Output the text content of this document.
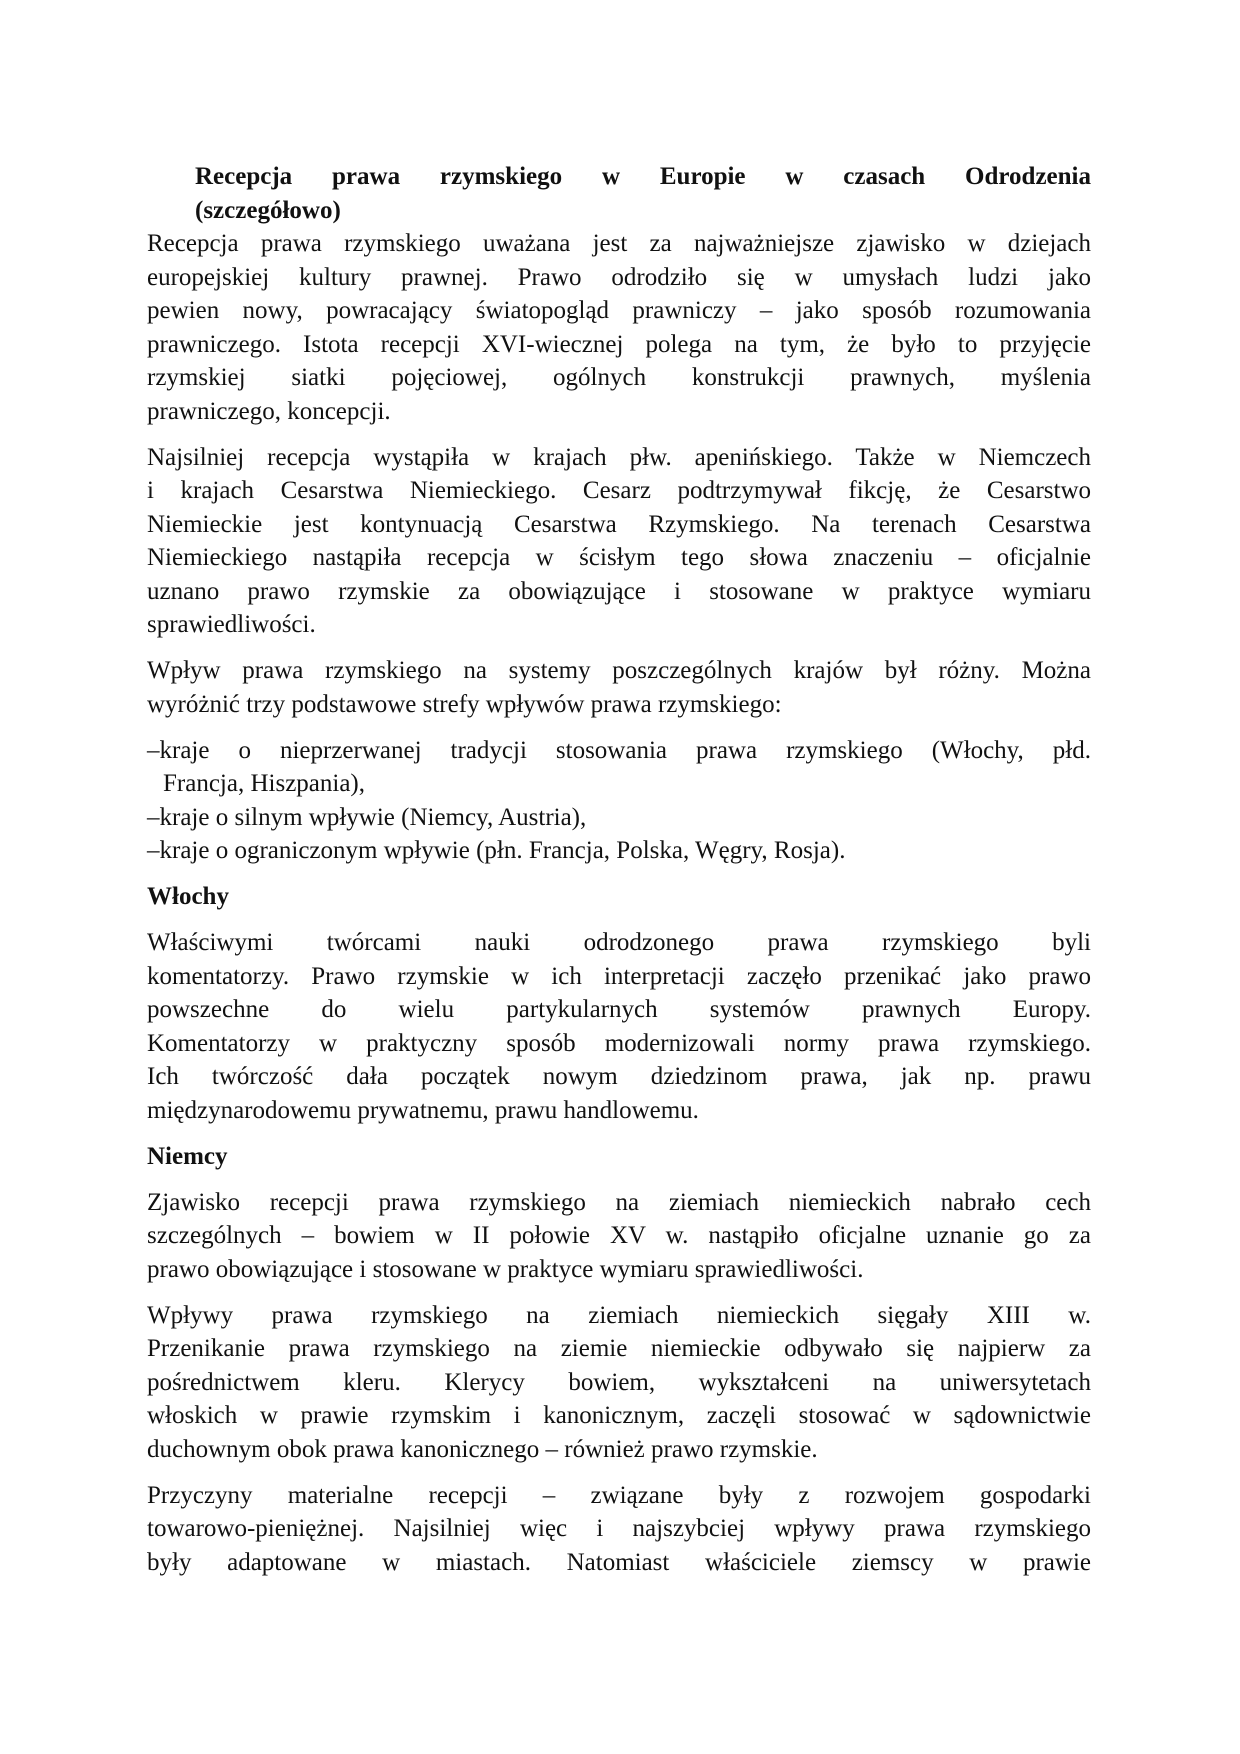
Recepcja prawa rzymskiego w Europie w czasach Odrodzenia
(szczegółowo)
Recepcja prawa rzymskiego uważana jest za najważniejsze zjawisko w dziejach
europejskiej kultury prawnej. Prawo odrodziło się w umysłach ludzi jako
pewien nowy, powracający światopogląd prawniczy – jako sposób rozumowania
prawniczego. Istota recepcji XVI-wiecznej polega na tym, że było to przyjęcie
rzymskiej siatki pojęciowej, ogólnych konstrukcji prawnych, myślenia
prawniczego, koncepcji.
Najsilniej recepcja wystąpiła w krajach płw. apenińskiego. Także w Niemczech
i krajach Cesarstwa Niemieckiego. Cesarz podtrzymywał fikcję, że Cesarstwo
Niemieckie jest kontynuacją Cesarstwa Rzymskiego. Na terenach Cesarstwa
Niemieckiego nastąpiła recepcja w ścisłym tego słowa znaczeniu – oficjalnie
uznano prawo rzymskie za obowiązujące i stosowane w praktyce wymiaru
sprawiedliwości.
Wpływ prawa rzymskiego na systemy poszczególnych krajów był różny. Można
wyróżnić trzy podstawowe strefy wpływów prawa rzymskiego:
–kraje o nieprzerwanej tradycji stosowania prawa rzymskiego (Włochy, płd.
Francja, Hiszpania),
–kraje o silnym wpływie (Niemcy, Austria),
–kraje o ograniczonym wpływie (płn. Francja, Polska, Węgry, Rosja).
Włochy
Właściwymi twórcami nauki odrodzonego prawa rzymskiego byli
komentatorzy. Prawo rzymskie w ich interpretacji zaczęło przenikać jako prawo
powszechne do wielu partykularnych systemów prawnych Europy.
Komentatorzy w praktyczny sposób modernizowali normy prawa rzymskiego.
Ich twórczość dała początek nowym dziedzinom prawa, jak np. prawu
międzynarodowemu prywatnemu, prawu handlowemu.
Niemcy
Zjawisko recepcji prawa rzymskiego na ziemiach niemieckich nabrało cech
szczególnych – bowiem w II połowie XV w. nastąpiło oficjalne uznanie go za
prawo obowiązujące i stosowane w praktyce wymiaru sprawiedliwości.
Wpływy prawa rzymskiego na ziemiach niemieckich sięgały XIII w.
Przenikanie prawa rzymskiego na ziemie niemieckie odbywało się najpierw za
pośrednictwem kleru. Klerycy bowiem, wykształceni na uniwersytetach
włoskich w prawie rzymskim i kanonicznym, zaczęli stosować w sądownictwie
duchownym obok prawa kanonicznego – również prawo rzymskie.
Przyczyny materialne recepcji – związane były z rozwojem gospodarki
towarowo-pieniężnej. Najsilniej więc i najszybciej wpływy prawa rzymskiego
były adaptowane w miastach. Natomiast właściciele ziemscy w prawie
